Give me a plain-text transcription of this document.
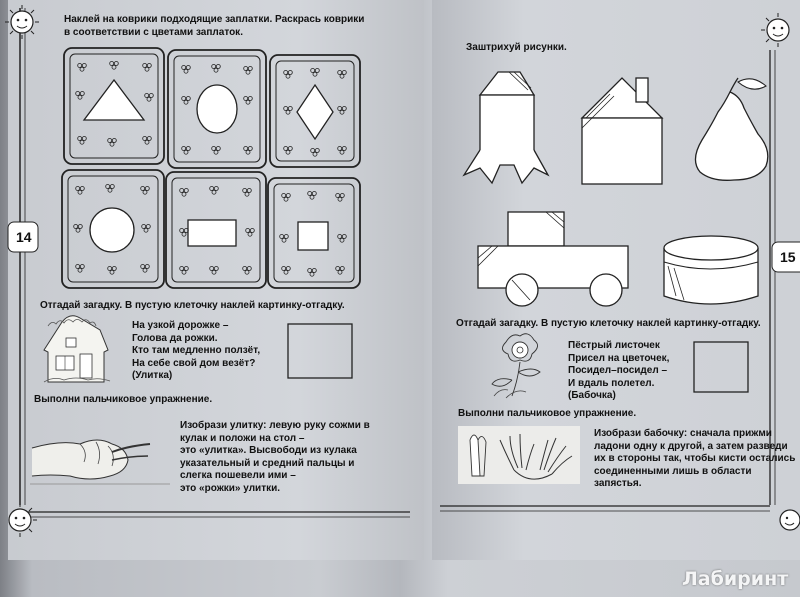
14
15
Наклей на коврики подходящие заплатки. Раскрась коврики
в соответствии с цветами заплаток.
Отгадай загадку. В пустую клеточку наклей картинку-отгадку.
На узкой дорожке –
Голова да рожки.
Кто там медленно ползёт,
На себе свой дом везёт?
(Улитка)
Выполни пальчиковое упражнение.
Изобрази улитку: левую руку сожми в
кулак и положи на стол –
это «улитка». Высвободи из кулака
указательный и средний пальцы и
слегка пошевели ими –
это «рожки» улитки.
Заштрихуй рисунки.
Отгадай загадку. В пустую клеточку наклей картинку-отгадку.
Пёстрый листочек
Присел на цветочек,
Посидел–посидел –
И вдаль полетел.
(Бабочка)
Выполни пальчиковое упражнение.
Изобрази бабочку: сначала прижми
ладони одну к другой, а затем разведи
их в стороны так, чтобы кисти остались
соединенными лишь в области
запястья.
Лабиринт
